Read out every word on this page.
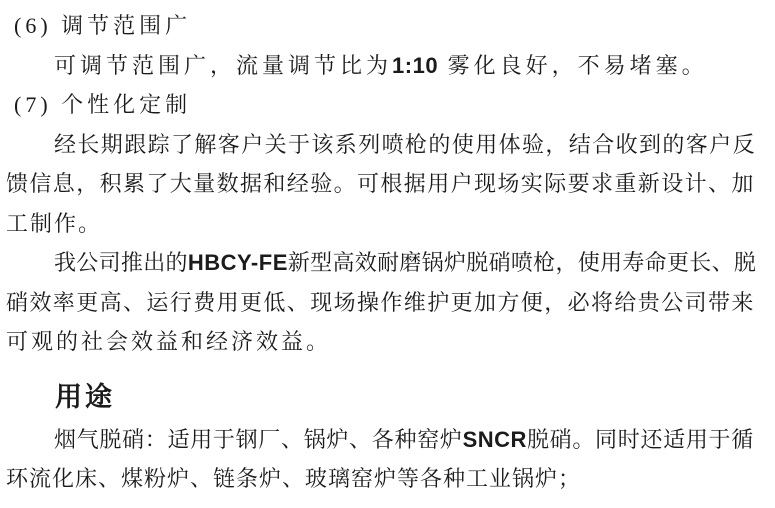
(6) 调节范围广
可调节范围广，流量调节比为1:10 雾化良好，不易堵塞。
(7) 个性化定制
经长期跟踪了解客户关于该系列喷枪的使用体验，结合收到的客户反
馈信息，积累了大量数据和经验。可根据用户现场实际要求重新设计、加
工制作。
我公司推出的HBCY-FE新型高效耐磨锅炉脱硝喷枪，使用寿命更长、脱
硝效率更高、运行费用更低、现场操作维护更加方便，必将给贵公司带来
可观的社会效益和经济效益。
用途
烟气脱硝：适用于钢厂、锅炉、各种窑炉SNCR脱硝。同时还适用于循
环流化床、煤粉炉、链条炉、玻璃窑炉等各种工业锅炉；
